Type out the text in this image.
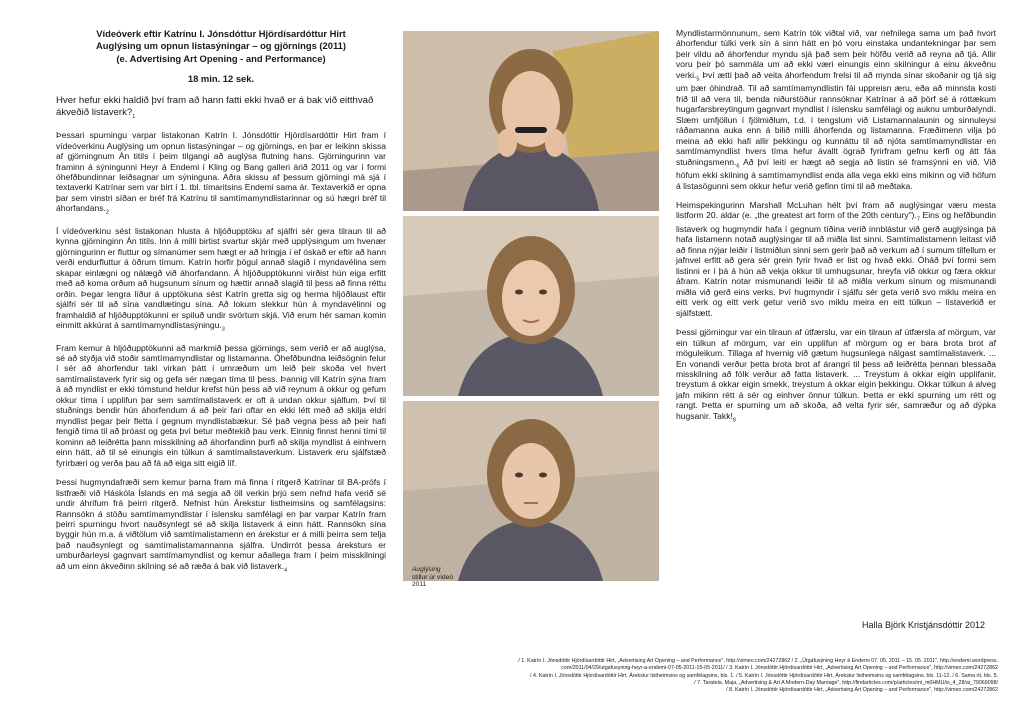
Vídeóverk eftir Katrínu I. Jónsdóttur Hjördísardóttur Hirt
Auglýsing um opnun listasýningar – og gjörnings (2011)
(e. Advertising Art Opening - and Performance)
18 min. 12 sek.

Hver hefur ekki haldið því fram að hann fatti ekki hvað er á bak við eitthvað ákveðið $listaverk?_1$

Þessari spurningu varpar listakonan Katrín I. Jónsdóttir Hjördísardóttir Hirt fram í vídeóverkinu Auglýsing um opnun listasýningar – og gjörnings, en þar er leikinn skissa af gjörningnum Án titils í þeim tilgangi að auglýsa flutning hans. Gjörningurinn var framinn á sýningunni Heyr á Endemi í Kling og Bang galleri árið 2011 og var í formi óhefðbundinnar leiðsagnar um sýninguna. Aðra skissu af þessum gjörningi má sjá í textaverki Katrínar sem var birt í 1. tbl. tímaritsins Endemi sama ár. Textaverkið er opna þar sem vinstri síðan er bréf frá Katrínu til samtímamyndlistarinnar og sú hægri bréf til $áhorfandans._2$

Í vídeóverkinu sést listakonan hlusta á hljóðupptöku af sjálfri sér gera tilraun til að kynna gjörninginn Án titils. Inn á milli birtist svartur skjár með upplýsingum um hvenær gjörningurinn er fluttur og símanúmer sem hægt er að hringja í ef óskað er eftir að hann verði endurfluttur á öðrum tímum. Katrín horfir þögul annað slagið í myndavélina sem skapar einlægni og nálægð við áhorfandann. Á hljóðupptökunni virðist hún eiga erfitt með að koma orðum að hugsunum sínum og hættir annað slagið til þess að finna réttu orðin. Þegar lengra líður á upptökuna sést Katrín gretta sig og herma hljóðlaust eftir sjálfri sér til að sína vandlætingu sína. Að lokum slekkur hún á myndavélinni og framhaldið af hljóðupptökunni er spiluð undir svörtum skjá. Við erum hér saman komin einmitt akkúrat á $samtímamyndlistasýningu._3$

Fram kemur á hljóðupptökunni að markmið þessa gjörnings, sem verið er að auglýsa, sé að styðja við stoðir samtímamyndlistar og listamanna. Óhefðbundna leiðsögnin felur í sér að áhorfendur taki virkan þátt í umræðum um leið þeir skoða vel hvert samtímalistaverk fyrir sig og gefa sér nægan tíma til þess. Þannig vill Katrín sýna fram á að myndlist er ekki tómstund heldur krefst hún þess að við reynum á okkur og gefum okkur tíma í upplifun þar sem samtímalistaverk er oft á undan okkur sjálfum. Því til stuðnings bendir hún áhorfendum á að þeir fari oftar en ekki létt með að skilja eldri myndlist þegar þeir fletta í gegnum myndlistabækur. Sé það vegna þess að þeir hafi fengið tíma til að þróast og geta því betur meðtekið þau verk. Einnig finnst henni tími til kominn að leiðrétta þann misskilning að áhorfandinn þurfi að skilja myndlist á einhvern einn hátt, að til sé einungis ein túlkun á samtímalistaverkum. Listaverk eru sjálfstæð fyrirbæri og verða þau að fá að eiga sitt eigið líf.

Þessi hugmyndafræði sem kemur þarna fram má finna í ritgerð Katrínar til BA-prófs í listfræði við Háskóla Íslands en má segja að öll verkin þrjú sem nefnd hafa verið sé undir áhrifum frá þeirri ritgerð. Nefnist hún Árekstur listheimsins og samfélagsins: Rannsókn á stöðu samtímamyndlistar í íslensku samfélagi en þar varpar Katrín fram þeirri spurningu hvort nauðsynlegt sé að skilja listaverk á einn hátt. Rannsókn sína byggir hún m.a. á viðtölum við samtímalistamenn en árekstur er á milli þeirra sem telja það nauðsynlegt og samtímalistamannanna sjálfra. Undirrót þessa áreksturs er umburðarleysi gagnvart samtímamyndlist og kemur aðallega fram í þeim misskilningi að um einn ákveðinn skilning sé að ræða á bak við $listaverk._4$	Auglýsing
stillur úr vídeó
2011

Myndlistarmönnunum, sem Katrín tók viðtal við, var nefnilega sama um það hvort áhorfendur túlki verk sín á sinn hátt en þó voru einstaka undantekningar þar sem þeir vildu að áhorfendur myndu sjá það sem þeir höfðu verið að reyna að tjá. Allir voru þeir þó sammála um að ekki væri einungis einn skilningur á einu ákveðnu $verki._5$ Því ætti það að veita áhorfendum frelsi til að mynda sínar skoðanir og tjá sig um þær óhindrað. Til að samtímamyndlistin fái uppreisn æru, eða að minnsta kosti frið til að vera til, benda niðurstöður rannsóknar Katrínar á að þörf sé á róttækum hugarfarsbreytingum gagnvart myndlist í íslensku samfélagi og auknu umburðalyndi. Slæm umfjöllun í fjölmiðlum, t.d. í tengslum við Listamannalaunin og sinnuleysi ráðamanna auka enn á bilið milli áhorfenda og listamanna. Fræðimenn vilja þó meina að ekki hafi allir þekkingu og kunnáttu til að njóta samtímamyndlistar en samtímamyndlist hvers tíma hefur ávallt ögrað fyrirfram gefnu kerfi og átt fáa $stuðningsmenn._6$ Að því leiti er hægt að segja að listin sé framsýnni en við. Við höfum ekki skilning á samtímamyndlist enda alla vega ekki eins mikinn og við höfum á listasögunni sem okkur hefur verið gefinn tími til að meðtaka.

Heimspekingurinn Marshall McLuhan hélt því fram að auglýsingar væru mesta listform 20. aldar (e. „the greatest art form of the 20th $century")._7$ Eins og hefðbundin listaverk og hugmyndir hafa í gegnum tíðina verið innblástur við gerð auglýsinga þá hafa listamenn notað auglýsingar til að miðla list sinni. Samtímalistamenn leitast við að finna nýjar leiðir í listmiðlun sinni sem gerir það að verkum að í sumum tilfellum er jafnvel erfitt að gera sér grein fyrir hvað er list og hvað ekki. Óháð því formi sem listinni er í þá á hún að vekja okkur til umhugsunar, hreyfa við okkur og færa okkur áfram. Katrín notar mismunandi leiðir til að miðla verkum sínum og mismunandi miðla við gerð eins verks. Því hugmyndir í sjálfu sér geta verið svo miklu meira en eitt verk og eitt verk getur verið svo miklu meira en eitt túlkun – listaverkið er sjálfstætt.

Þessi gjörningur var ein tilraun af útfærslu, var ein tilraun af útfærsla af mörgum, var ein túlkun af mörgum, var ein upplifun af mörgum og er bara brota brot af möguleikum. Tillaga af hvernig við gætum hugsunlega nálgast samtímalistaverk. ... En vonandi verður þetta brota brot af árangri til þess að leiðrétta þennan blessaða misskilning að fólk verður að fatta listaverk. ... Treystum á okkar eigin upplifanir, treystum á okkar eigin smekk, treystum á okkar eigin þekkingu. Okkar túlkun á alveg jafn mikinn rétt á sér og einhver önnur túlkun. Þetta er ekki spurning um rétt og rangt. Þetta er spurning um að skoða, að velta fyrir sér, samræður og að dýpka hugsanir. $Takk!_8$

Halla Björk Kristjánsdóttir 2012
/ 1. Katrín I. Jónsdóttir Hjördísardóttir Hirt, „Advertising Art Opening – and Performance", http://vimeo.com/24272862 / 2. „Útgáfusýning Heyr á Endemi 07. 05. 2011 – 15. 05. 2011", http://endemi.wordpress.
com/2011/04/29/utgafusyning-heyr-a-endemi-07-05-2011-15-05-2011/ / 3. Katrín I. Jónsdóttir Hjördísardóttir Hirt, „Advertising Art Opening – and Performance", http://vimeo.com/24272862
/ 4. Katrín I. Jónsdóttir Hjördísardóttir Hirt, Árekstur listheimsins og samfélagsins, bls. 1. / 5. Katrín I. Jónsdóttir Hjördísardóttir Hirt, Árekstur listheimsins og samfélagsins, bls. 11-12. / 6. Sama rit, bls. 5.
/ 7. Taratela, Maja, „Advertising & Art A Modern-Day Marriage", http://findarticles.com/p/articles/mi_m0HMU/is_4_28/ai_79069098/
/ 8. Katrín I. Jónsdóttir Hjördísardóttir Hirt, „Advertising Art Opening – and Performance", http://vimeo.com/24272862
